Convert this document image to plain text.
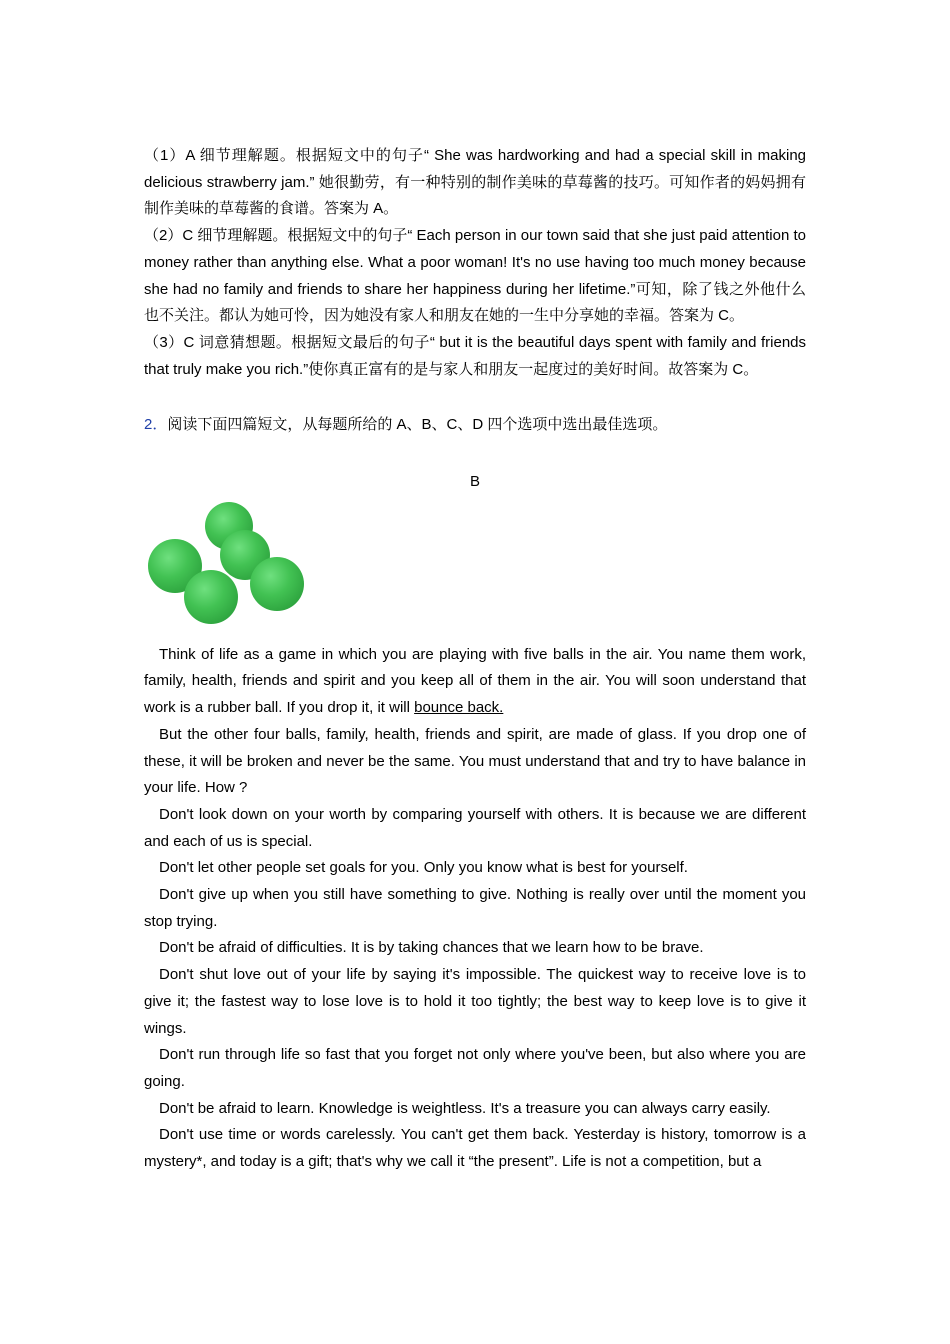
（1）A 细节理解题。根据短文中的句子“ She was hardworking and had a special skill in making delicious strawberry jam.” 她很勤劳，有一种特别的制作美味的草莓酱的技巧。可知作者的妈妈拥有制作美味的草莓酱的食谱。答案为 A。

（2）C 细节理解题。根据短文中的句子“ Each person in our town said that she just paid attention to money rather than anything else. What a poor woman! It's no use having too much money because she had no family and friends to share her happiness during her lifetime.”可知，除了钱之外他什么也不关注。都认为她可怜，因为她没有家人和朋友在她的一生中分享她的幸福。答案为 C。

（3）C 词意猜想题。根据短文最后的句子“ but it is the beautiful days spent with family and friends that truly make you rich.”使你真正富有的是与家人和朋友一起度过的美好时间。故答案为 C。

2．阅读下面四篇短文，从每题所给的 A、B、C、D 四个选项中选出最佳选项。

B

Think of life as a game in which you are playing with five balls in the air. You name them work, family, health, friends and spirit and you keep all of them in the air. You will soon understand that work is a rubber ball. If you drop it, it will bounce back.

But the other four balls, family, health, friends and spirit, are made of glass. If you drop one of these, it will be broken and never be the same. You must understand that and try to have balance in your life. How ?

Don't look down on your worth by comparing yourself with others. It is because we are different and each of us is special.

Don't let other people set goals for you. Only you know what is best for yourself.

Don't give up when you still have something to give. Nothing is really over until the moment you stop trying.

Don't be afraid of difficulties. It is by taking chances that we learn how to be brave.

Don't shut love out of your life by saying it's impossible. The quickest way to receive love is to give it; the fastest way to lose love is to hold it too tightly; the best way to keep love is to give it wings.

Don't run through life so fast that you forget not only where you've been, but also where you are going.

Don't be afraid to learn. Knowledge is weightless. It's a treasure you can always carry easily.

Don't use time or words carelessly. You can't get them back. Yesterday is history, tomorrow is a mystery*, and today is a gift; that's why we call it “the present”. Life is not a competition, but a
